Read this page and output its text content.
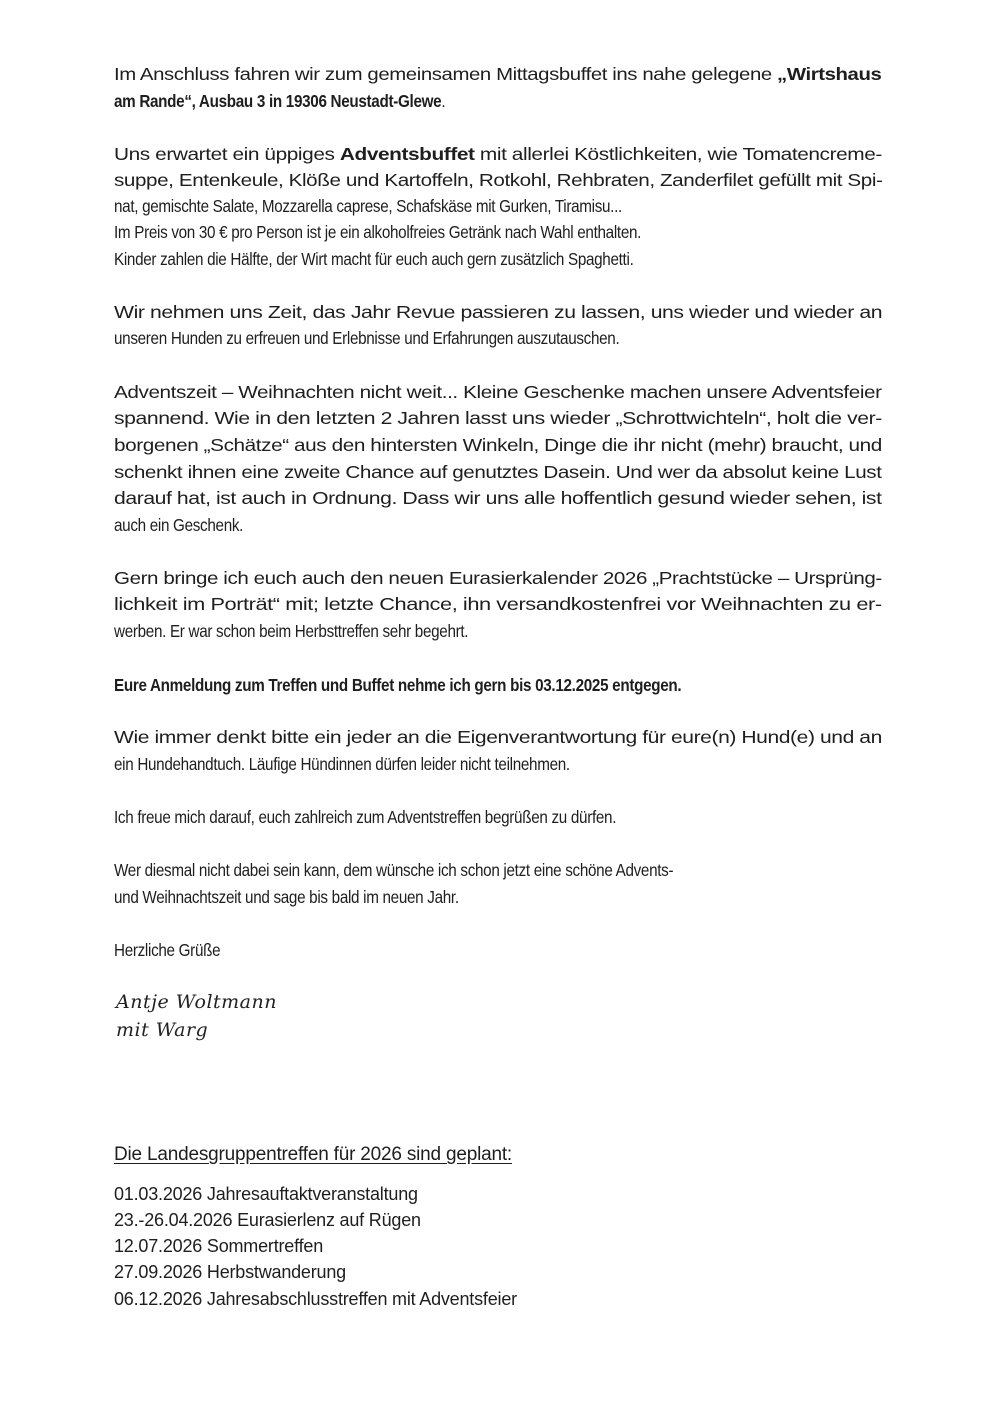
Im Anschluss fahren wir zum gemeinsamen Mittagsbuffet ins nahe gelegene „Wirtshaus
am Rande“, Ausbau 3 in 19306 Neustadt-Glewe.
Uns erwartet ein üppiges Adventsbuffet mit allerlei Köstlichkeiten, wie Tomatencreme-
suppe, Entenkeule, Klöße und Kartoffeln, Rotkohl, Rehbraten, Zanderfilet gefüllt mit Spi-
nat, gemischte Salate, Mozzarella caprese, Schafskäse mit Gurken, Tiramisu...
Im Preis von 30 € pro Person ist je ein alkoholfreies Getränk nach Wahl enthalten.
Kinder zahlen die Hälfte, der Wirt macht für euch auch gern zusätzlich Spaghetti.
Wir nehmen uns Zeit, das Jahr Revue passieren zu lassen, uns wieder und wieder an
unseren Hunden zu erfreuen und Erlebnisse und Erfahrungen auszutauschen.
Adventszeit – Weihnachten nicht weit... Kleine Geschenke machen unsere Adventsfeier
spannend. Wie in den letzten 2 Jahren lasst uns wieder „Schrottwichteln“, holt die ver-
borgenen „Schätze“ aus den hintersten Winkeln, Dinge die ihr nicht (mehr) braucht, und
schenkt ihnen eine zweite Chance auf genutztes Dasein. Und wer da absolut keine Lust
darauf hat, ist auch in Ordnung. Dass wir uns alle hoffentlich gesund wieder sehen, ist
auch ein Geschenk.
Gern bringe ich euch auch den neuen Eurasierkalender 2026 „Prachtstücke – Ursprüng-
lichkeit im Porträt“ mit; letzte Chance, ihn versandkostenfrei vor Weihnachten zu er-
werben. Er war schon beim Herbsttreffen sehr begehrt.
Eure Anmeldung zum Treffen und Buffet nehme ich gern bis 03.12.2025 entgegen.
Wie immer denkt bitte ein jeder an die Eigenverantwortung für eure(n) Hund(e) und an
ein Hundehandtuch. Läufige Hündinnen dürfen leider nicht teilnehmen.
Ich freue mich darauf, euch zahlreich zum Adventstreffen begrüßen zu dürfen.
Wer diesmal nicht dabei sein kann, dem wünsche ich schon jetzt eine schöne Advents-
und Weihnachtszeit und sage bis bald im neuen Jahr.
Herzliche Grüße
Antje Woltmann
mit Warg
Die Landesgruppentreffen für 2026 sind geplant:
01.03.2026 Jahresauftaktveranstaltung
23.-26.04.2026 Eurasierlenz auf Rügen
12.07.2026 Sommertreffen
27.09.2026 Herbstwanderung
06.12.2026 Jahresabschlusstreffen mit Adventsfeier
